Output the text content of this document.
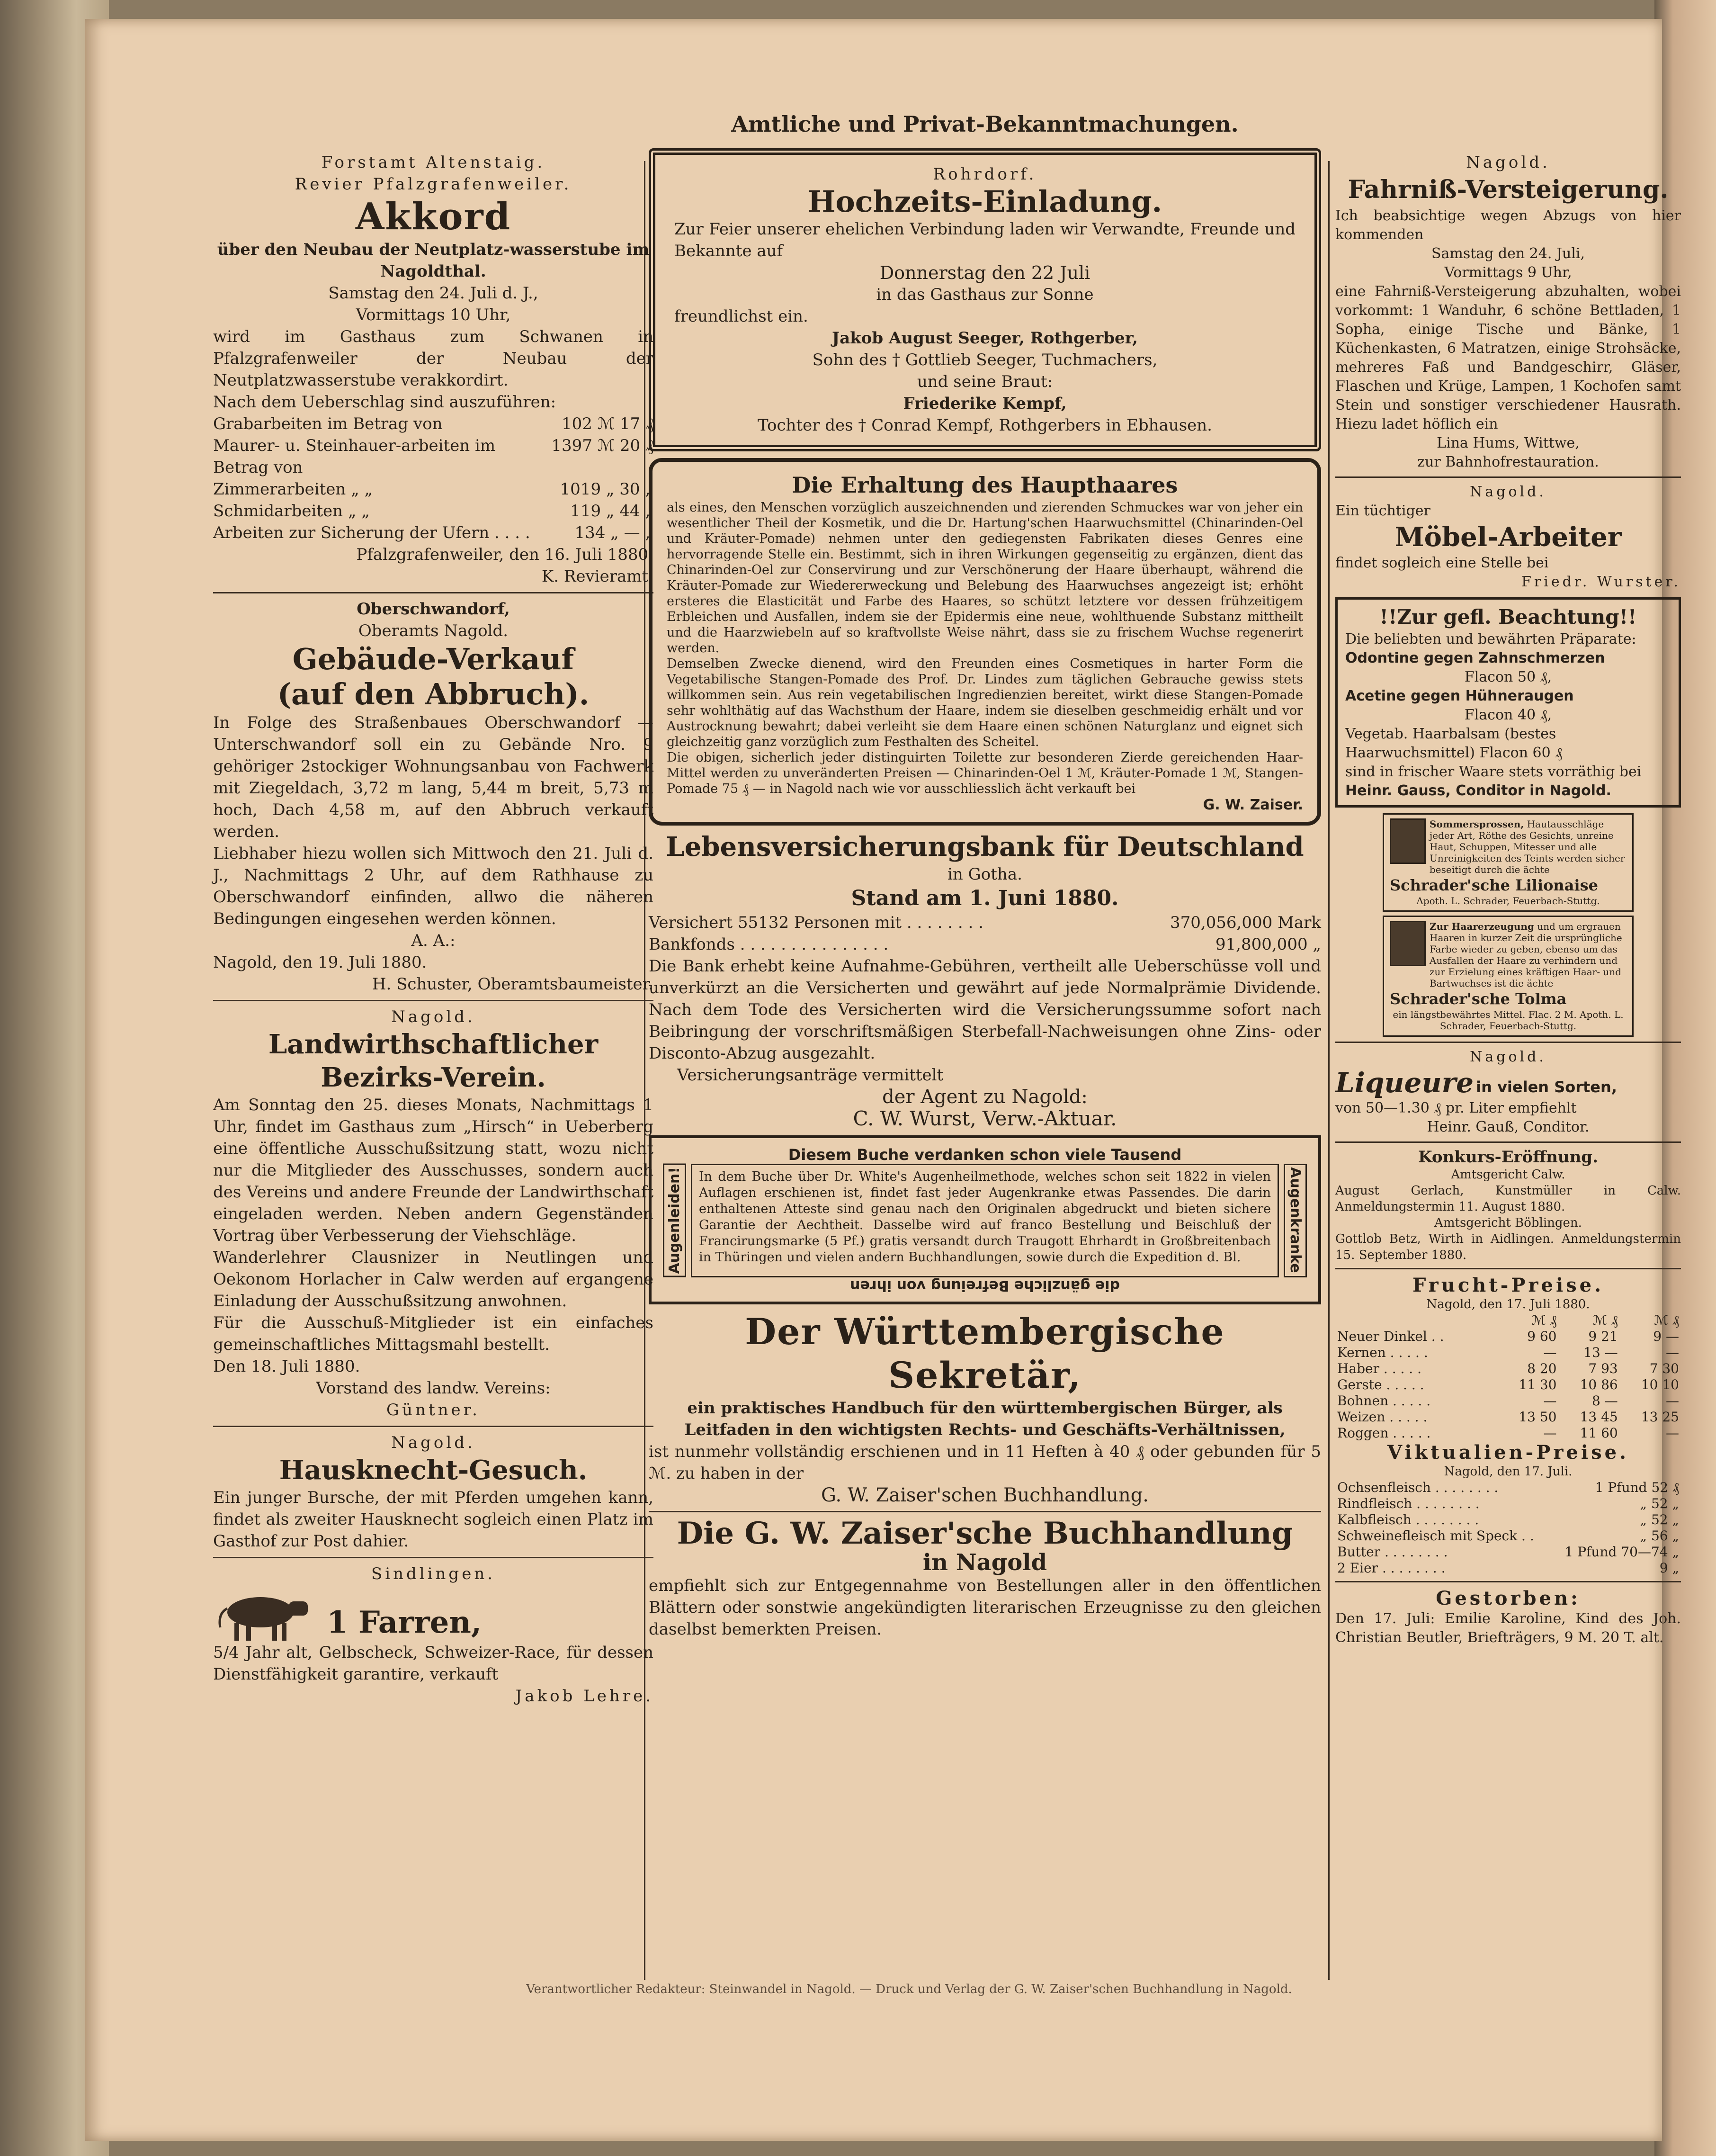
Amtliche und Privat-Bekanntmachungen.

Forstamt Altenstaig.

Revier Pfalzgrafenweiler.

Akkord

über den Neubau der Neutplatz-wasserstube im Nagoldthal.

Samstag den 24. Juli d. J.,

Vormittags 10 Uhr,

wird im Gasthaus zum Schwanen in Pfalzgrafenweiler der Neubau der Neutplatzwasserstube verakkordirt.

Nach dem Ueberschlag sind auszuführen:

Grabarbeiten im Betrag von	102 ℳ 17 ₰
Maurer- u. Steinhauer-arbeiten im Betrag von
1397 ℳ 20 ₰
Zimmerarbeiten „ „	1019 „ 30 „
Schmidarbeiten „ „	119 „ 44 „
Arbeiten zur Sicherung der Ufern . . . .	134 „ — „

Pfalzgrafenweiler, den 16. Juli 1880.

K. Revieramt.

Oberschwandorf,

Oberamts Nagold.

Gebäude-Verkauf

(auf den Abbruch).

In Folge des Straßenbaues Oberschwandorf — Unterschwandorf soll ein zu Gebände Nro. 9 gehöriger 2stockiger Wohnungsanbau von Fachwerk mit Ziegeldach, 3,72 m lang, 5,44 m breit, 5,73 m hoch, Dach 4,58 m, auf den Abbruch verkauft werden.

Liebhaber hiezu wollen sich Mittwoch den 21. Juli d. J., Nachmittags 2 Uhr, auf dem Rathhause zu Oberschwandorf einfinden, allwo die näheren Bedingungen eingesehen werden können.

A. A.:

Nagold, den 19. Juli 1880.

H. Schuster, Oberamtsbaumeister.

Nagold.

Landwirthschaftlicher

Bezirks-Verein.

Am Sonntag den 25. dieses Monats, Nachmittags 1 Uhr, findet im Gasthaus zum „Hirsch“ in Ueberberg eine öffentliche Ausschußsitzung statt, wozu nicht nur die Mitglieder des Ausschusses, sondern auch des Vereins und andere Freunde der Landwirthschaft eingeladen werden. Neben andern Gegenständen Vortrag über Verbesserung der Viehschläge.

Wanderlehrer Clausnizer in Neutlingen und Oekonom Horlacher in Calw werden auf ergangene Einladung der Ausschußsitzung anwohnen.

Für die Ausschuß-Mitglieder ist ein einfaches gemeinschaftliches Mittagsmahl bestellt.

Den 18. Juli 1880.

Vorstand des landw. Vereins:

Güntner.

Nagold.

Hausknecht-Gesuch.

Ein junger Bursche, der mit Pferden umgehen kann, findet als zweiter Hausknecht sogleich einen Platz im Gasthof zur Post dahier.

Sindlingen.

1 Farren,

5/4 Jahr alt, Gelbscheck, Schweizer-Race, für dessen Dienstfähigkeit garantire, verkauft

Jakob Lehre.

Rohrdorf.

Hochzeits-Einladung.

Zur Feier unserer ehelichen Verbindung laden wir Verwandte, Freunde und Bekannte auf

Donnerstag den 22 Juli

in das Gasthaus zur Sonne

freundlichst ein.

Jakob August Seeger, Rothgerber,

Sohn des † Gottlieb Seeger, Tuchmachers,

und seine Braut:

Friederike Kempf,

Tochter des † Conrad Kempf, Rothgerbers in Ebhausen.

Die Erhaltung des Haupthaares

als eines, den Menschen vorzüglich auszeichnenden und zierenden Schmuckes war von jeher ein wesentlicher Theil der Kosmetik, und die Dr. Hartung'schen Haarwuchsmittel (Chinarinden-Oel und Kräuter-Pomade) nehmen unter den gediegensten Fabrikaten dieses Genres eine hervorragende Stelle ein. Bestimmt, sich in ihren Wirkungen gegenseitig zu ergänzen, dient das Chinarinden-Oel zur Conservirung und zur Verschönerung der Haare überhaupt, während die Kräuter-Pomade zur Wiedererweckung und Belebung des Haarwuchses angezeigt ist; erhöht ersteres die Elasticität und Farbe des Haares, so schützt letztere vor dessen frühzeitigem Erbleichen und Ausfallen, indem sie der Epidermis eine neue, wohlthuende Substanz mittheilt und die Haarzwiebeln auf so kraftvollste Weise nährt, dass sie zu frischem Wuchse regenerirt werden.

Demselben Zwecke dienend, wird den Freunden eines Cosmetiques in harter Form die Vegetabilische Stangen-Pomade des Prof. Dr. Lindes zum täglichen Gebrauche gewiss stets willkommen sein. Aus rein vegetabilischen Ingredienzien bereitet, wirkt diese Stangen-Pomade sehr wohlthätig auf das Wachsthum der Haare, indem sie dieselben geschmeidig erhält und vor Austrocknung bewahrt; dabei verleiht sie dem Haare einen schönen Naturglanz und eignet sich gleichzeitig ganz vorzüglich zum Festhalten des Scheitel.

Die obigen, sicherlich jeder distinguirten Toilette zur besonderen Zierde gereichenden Haar-Mittel werden zu unveränderten Preisen — Chinarinden-Oel 1 ℳ, Kräuter-Pomade 1 ℳ, Stangen-Pomade 75 ₰ — in Nagold nach wie vor ausschliesslich ächt verkauft bei

G. W. Zaiser.

Lebensversicherungsbank für Deutschland

in Gotha.

Stand am 1. Juni 1880.

Versichert 55132 Personen mit . . . . . . . .	370,056,000 Mark
Bankfonds . . . . . . . . . . . . . . .	91,800,000 „

Die Bank erhebt keine Aufnahme-Gebühren, vertheilt alle Ueberschüsse voll und unverkürzt an die Versicherten und gewährt auf jede Normalprämie Dividende. Nach dem Tode des Versicherten wird die Versicherungssumme sofort nach Beibringung der vorschriftsmäßigen Sterbefall-Nachweisungen ohne Zins- oder Disconto-Abzug ausgezahlt.

Versicherungsanträge vermittelt

der Agent zu Nagold:

C. W. Wurst, Verw.-Aktuar.

Diesem Buche verdanken schon viele Tausend

Augenleiden!	In dem Buche über Dr. White's Augenheilmethode, welches schon seit 1822 in vielen Auflagen erschienen ist, findet fast jeder Augenkranke etwas Passendes. Die darin enthaltenen Atteste sind genau nach den Originalen abgedruckt und bieten sichere Garantie der Aechtheit. Dasselbe wird auf franco Bestellung und Beischluß der Francirungsmarke (5 Pf.) gratis versandt durch Traugott Ehrhardt in Großbreitenbach in Thüringen und vielen andern Buchhandlungen, sowie durch die Expedition d. Bl.	Augenkranke

die gänzliche Befreiung von ihren

Der Württembergische Sekretär,

ein praktisches Handbuch für den württembergischen Bürger, als Leitfaden in den wichtigsten Rechts- und Geschäfts-Verhältnissen,

ist nunmehr vollständig erschienen und in 11 Heften à 40 ₰ oder gebunden für 5 ℳ. zu haben in der

G. W. Zaiser'schen Buchhandlung.

Die G. W. Zaiser'sche Buchhandlung

in Nagold

empfiehlt sich zur Entgegennahme von Bestellungen aller in den öffentlichen Blättern oder sonstwie angekündigten literarischen Erzeugnisse zu den gleichen daselbst bemerkten Preisen.

Nagold.

Fahrniß-Versteigerung.

Ich beabsichtige wegen Abzugs von hier kommenden

Samstag den 24. Juli,

Vormittags 9 Uhr,

eine Fahrniß-Versteigerung abzuhalten, wobei vorkommt: 1 Wanduhr, 6 schöne Bettladen, 1 Sopha, einige Tische und Bänke, 1 Küchenkasten, 6 Matratzen, einige Strohsäcke, mehreres Faß und Bandgeschirr, Gläser, Flaschen und Krüge, Lampen, 1 Kochofen samt Stein und sonstiger verschiedener Hausrath. Hiezu ladet höflich ein

Lina Hums, Wittwe,

zur Bahnhofrestauration.

Nagold.

Ein tüchtiger

Möbel-Arbeiter

findet sogleich eine Stelle bei

Friedr. Wurster.

!!Zur gefl. Beachtung!!

Die beliebten und bewährten Präparate:

Odontine gegen Zahnschmerzen

Flacon 50 ₰,

Acetine gegen Hühneraugen

Flacon 40 ₰,

Vegetab. Haarbalsam (bestes Haarwuchsmittel) Flacon 60 ₰

sind in frischer Waare stets vorräthig bei

Heinr. Gauss, Conditor in Nagold.

Sommersprossen, Hautausschläge jeder Art, Röthe des Gesichts, unreine Haut, Schuppen, Mitesser und alle Unreinigkeiten des Teints werden sicher beseitigt durch die ächte

Schrader'sche Lilionaise

Apoth. L. Schrader, Feuerbach-Stuttg.

Zur Haarerzeugung und um ergrauen Haaren in kurzer Zeit die ursprüngliche Farbe wieder zu geben, ebenso um das Ausfallen der Haare zu verhindern und zur Erzielung eines kräftigen Haar- und Bartwuchses ist die ächte

Schrader'sche Tolma

ein längstbewährtes Mittel. Flac. 2 M. Apoth. L. Schrader, Feuerbach-Stuttg.

Nagold.

Liqueure in vielen Sorten,

von 50—1.30 ₰ pr. Liter empfiehlt

Heinr. Gauß, Conditor.

Konkurs-Eröffnung.

Amtsgericht Calw.

August Gerlach, Kunstmüller in Calw. Anmeldungstermin 11. August 1880.

Amtsgericht Böblingen.

Gottlob Betz, Wirth in Aidlingen. Anmeldungstermin 15. September 1880.

Frucht-Preise.

Nagold, den 17. Juli 1880.

	ℳ ₰	ℳ ₰	ℳ ₰
Neuer Dinkel . .	9 60	9 21	9 —
Kernen . . . . .	—	13 —	—
Haber . . . . .	8 20	7 93	7 30
Gerste . . . . .	11 30	10 86	10 10
Bohnen . . . . .	—	8 —	—
Weizen . . . . .	13 50	13 45	13 25
Roggen . . . . .	—	11 60	—

Viktualien-Preise.

Nagold, den 17. Juli.

Ochsenfleisch . . . . . . . .	1 Pfund 52 ₰
Rindfleisch . . . . . . . .	„ 52 „
Kalbfleisch . . . . . . . .	„ 52 „
Schweinefleisch mit Speck . .	„ 56 „
Butter . . . . . . . .	1 Pfund 70—74 „
2 Eier . . . . . . . .	9 „

Gestorben:

Den 17. Juli: Emilie Karoline, Kind des Joh. Christian Beutler, Briefträgers, 9 M. 20 T. alt.

Verantwortlicher Redakteur: Steinwandel in Nagold. — Druck und Verlag der G. W. Zaiser'schen Buchhandlung in Nagold.
